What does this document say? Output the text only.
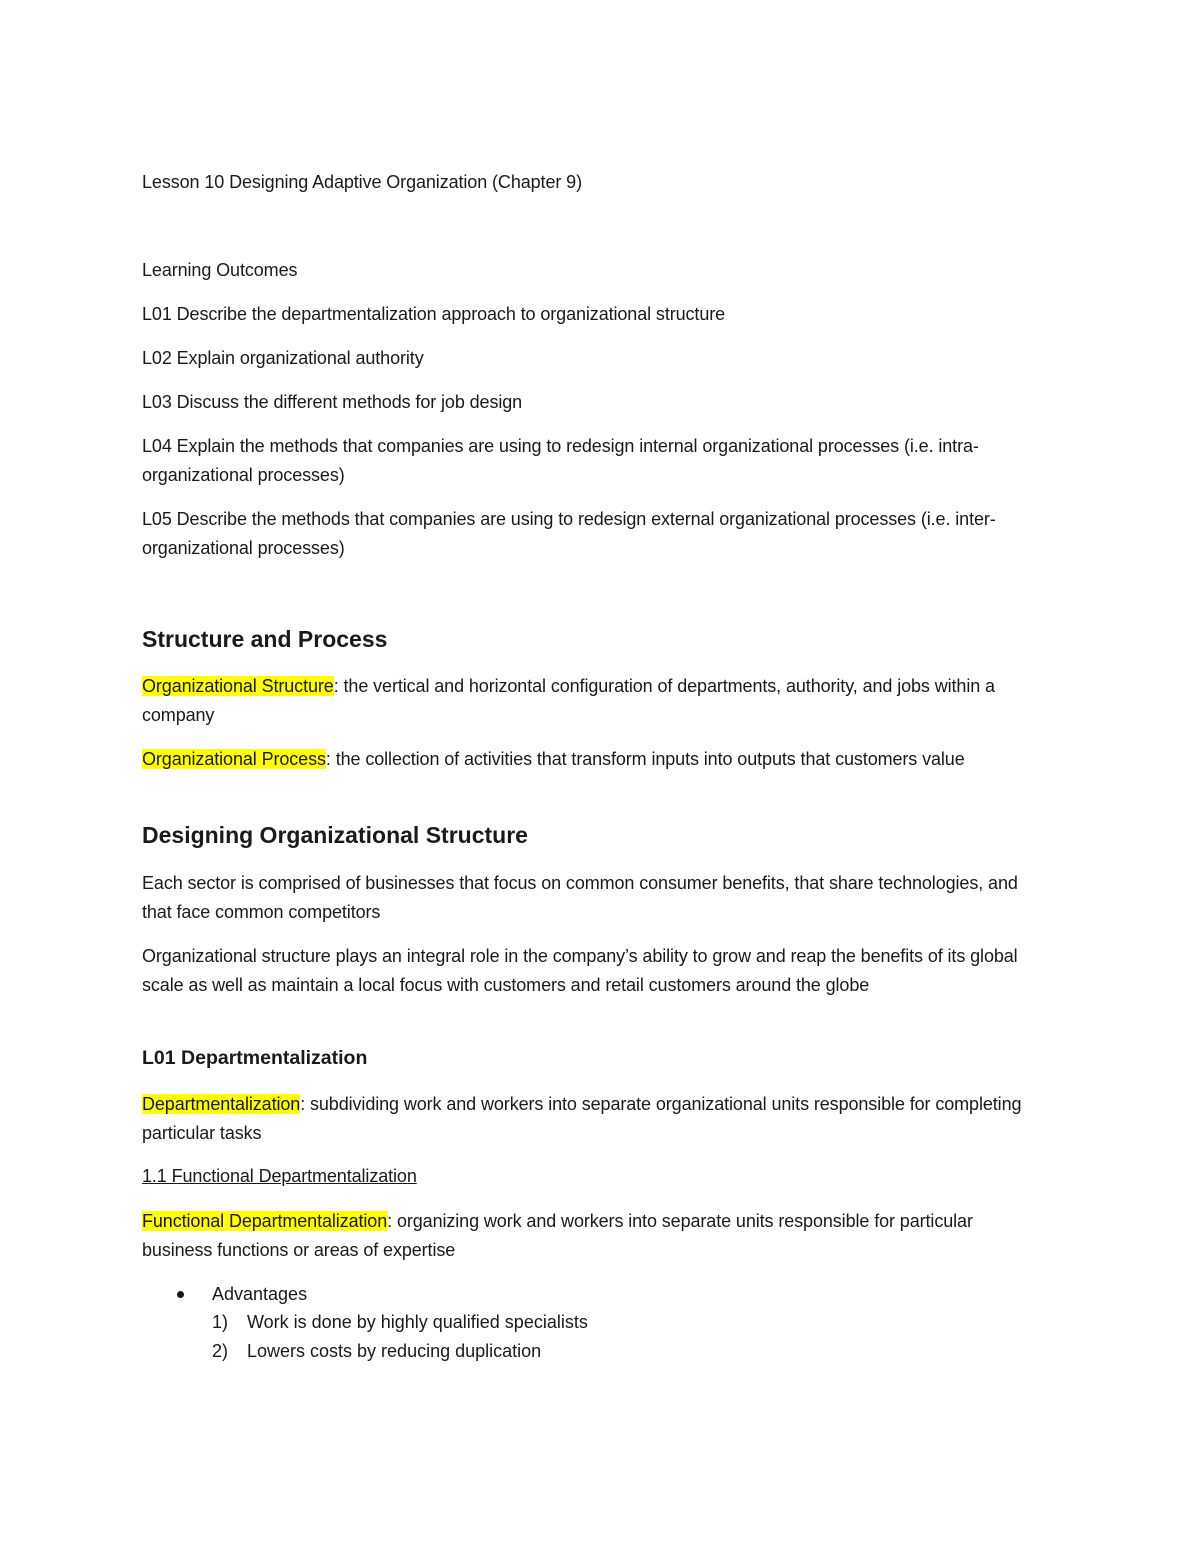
Lesson 10 Designing Adaptive Organization (Chapter 9)
Learning Outcomes
L01 Describe the departmentalization approach to organizational structure
L02 Explain organizational authority
L03 Discuss the different methods for job design
L04 Explain the methods that companies are using to redesign internal organizational processes (i.e. intra-organizational processes)
L05 Describe the methods that companies are using to redesign external organizational processes (i.e. inter-organizational processes)
Structure and Process
Organizational Structure: the vertical and horizontal configuration of departments, authority, and jobs within a company
Organizational Process: the collection of activities that transform inputs into outputs that customers value
Designing Organizational Structure
Each sector is comprised of businesses that focus on common consumer benefits, that share technologies, and that face common competitors
Organizational structure plays an integral role in the company’s ability to grow and reap the benefits of its global scale as well as maintain a local focus with customers and retail customers around the globe
L01 Departmentalization
Departmentalization: subdividing work and workers into separate organizational units responsible for completing particular tasks
1.1 Functional Departmentalization
Functional Departmentalization: organizing work and workers into separate units responsible for particular business functions or areas of expertise
Advantages
1) Work is done by highly qualified specialists
2) Lowers costs by reducing duplication
